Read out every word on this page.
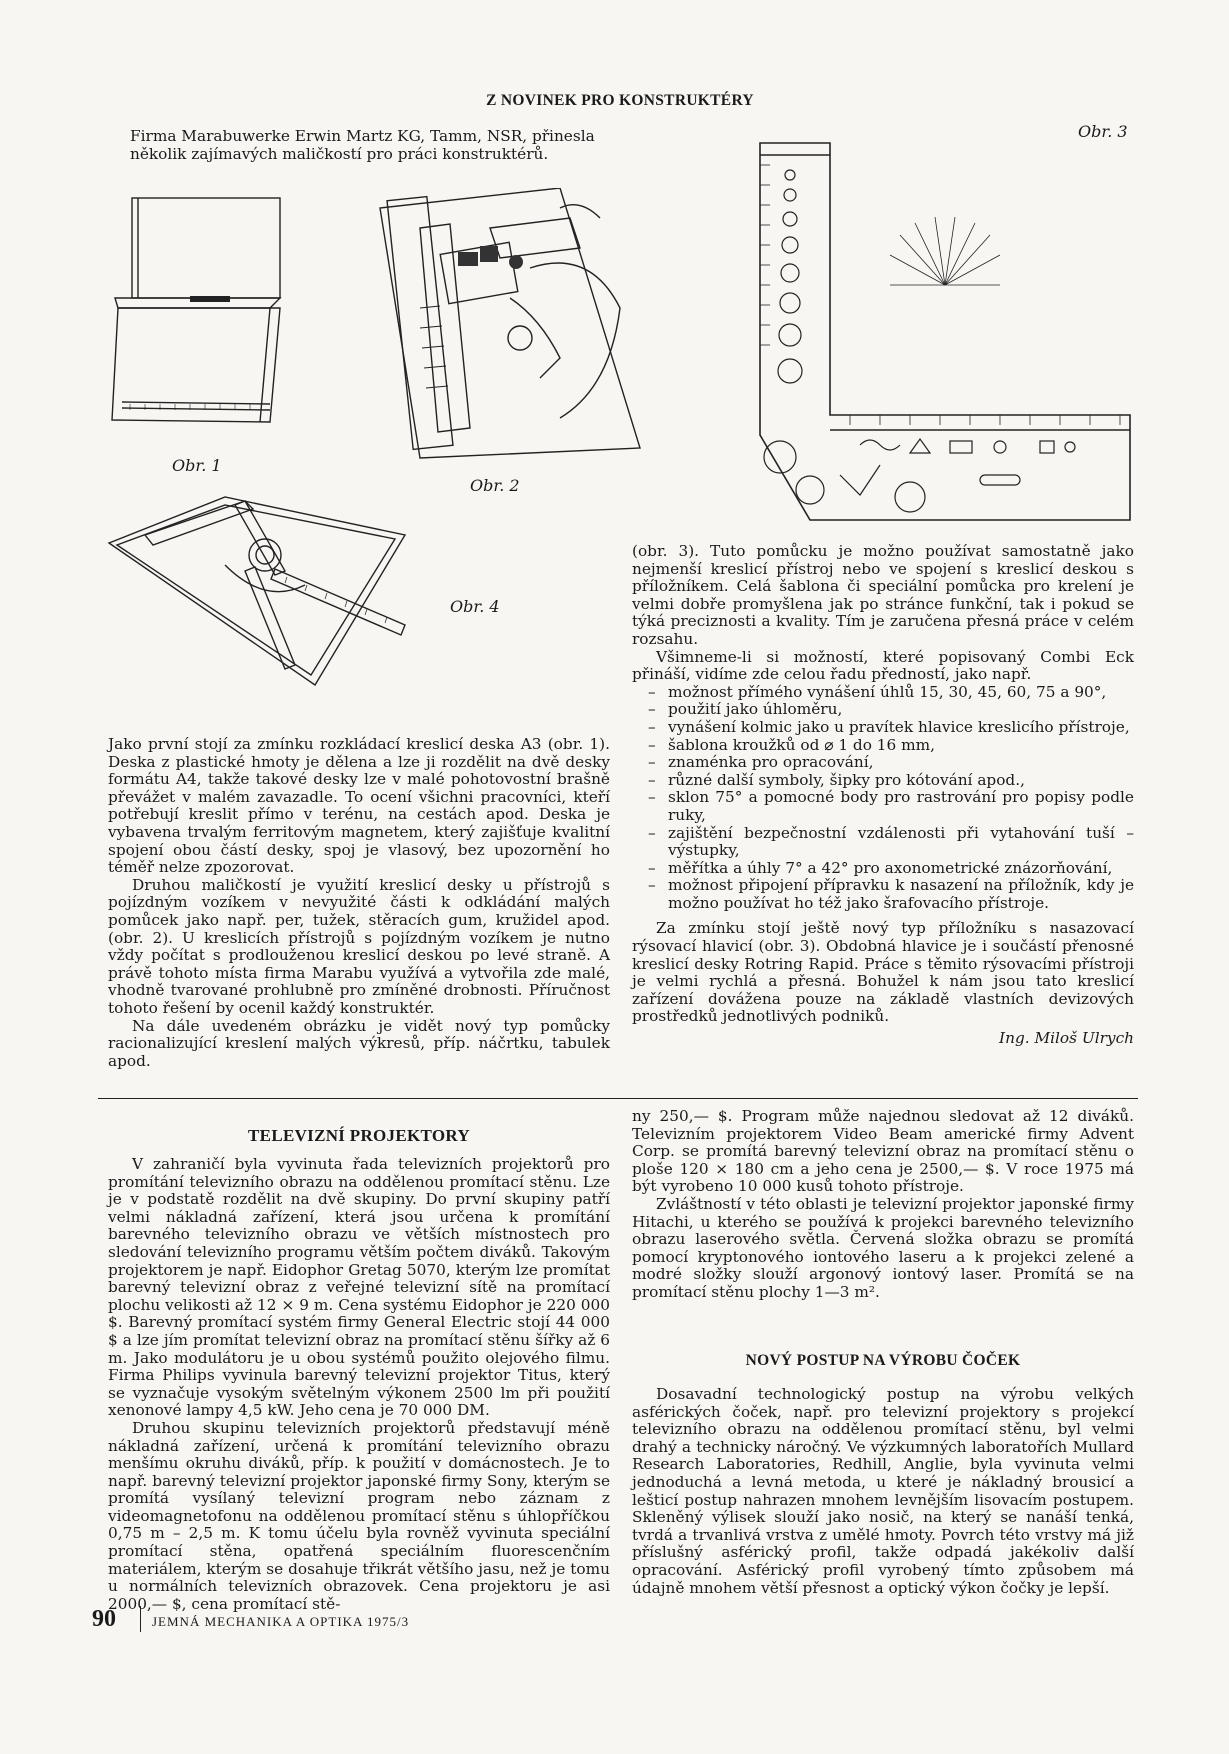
Z NOVINEK PRO KONSTRUKTÉRY
Firma Marabuwerke Erwin Martz KG, Tamm, NSR, přinesla několik zajímavých maličkostí pro práci konstruktérů.
Obr. 1
Obr. 2
Obr. 3
Obr. 4

Jako první stojí za zmínku rozkládací kreslicí deska A3 (obr. 1). Deska z plastické hmoty je dělena a lze ji rozdělit na dvě desky formátu A4, takže takové desky lze v malé pohotovostní brašně převážet v malém zavazadle. To ocení všichni pracovníci, kteří potřebují kreslit přímo v terénu, na cestách apod. Deska je vybavena trvalým ferritovým magnetem, který zajišťuje kvalitní spojení obou částí desky, spoj je vlasový, bez upozornění ho téměř nelze zpozorovat.

Druhou maličkostí je využití kreslicí desky u přístrojů s pojízdným vozíkem v nevyužité části k odkládání malých pomůcek jako např. per, tužek, stěracích gum, kružidel apod. (obr. 2). U kreslicích přístrojů s pojízdným vozíkem je nutno vždy počítat s prodlouženou kreslicí deskou po levé straně. A právě tohoto místa firma Marabu využívá a vytvořila zde malé, vhodně tvarované prohlubně pro zmíněné drobnosti. Příručnost tohoto řešení by ocenil každý konstruktér.

Na dále uvedeném obrázku je vidět nový typ pomůcky racionalizující kreslení malých výkresů, příp. náčrtku, tabulek apod.

(obr. 3). Tuto pomůcku je možno používat samostatně jako nejmenší kreslicí přístroj nebo ve spojení s kreslicí deskou s příložníkem. Celá šablona či speciální pomůcka pro krelení je velmi dobře promyšlena jak po stránce funkční, tak i pokud se týká preciznosti a kvality. Tím je zaručena přesná práce v celém rozsahu.

Všimneme-li si možností, které popisovaný Combi Eck přináší, vidíme zde celou řadu předností, jako např.

– možnost přímého vynášení úhlů 15, 30, 45, 60, 75 a 90°,
– použití jako úhloměru,
– vynášení kolmic jako u pravítek hlavice kreslicího přístroje,
– šablona kroužků od ⌀ 1 do 16 mm,
– znaménka pro opracování,
– různé další symboly, šipky pro kótování apod.,
– sklon 75° a pomocné body pro rastrování pro popisy podle ruky,
– zajištění bezpečnostní vzdálenosti při vytahování tuší – výstupky,
– měřítka a úhly 7° a 42° pro axonometrické znázorňování,
– možnost připojení přípravku k nasazení na příložník, kdy je možno používat ho též jako šrafovacího přístroje.

Za zmínku stojí ještě nový typ příložníku s nasazovací rýsovací hlavicí (obr. 3). Obdobná hlavice je i součástí přenosné kreslicí desky Rotring Rapid. Práce s těmito rýsovacími přístroji je velmi rychlá a přesná. Bohužel k nám jsou tato kreslicí zařízení dovážena pouze na základě vlastních devizových prostředků jednotlivých podniků.

Ing. Miloš Ulrych
TELEVIZNÍ PROJEKTORY

V zahraničí byla vyvinuta řada televizních projektorů pro promítání televizního obrazu na oddělenou promítací stěnu. Lze je v podstatě rozdělit na dvě skupiny. Do první skupiny patří velmi nákladná zařízení, která jsou určena k promítání barevného televizního obrazu ve větších místnostech pro sledování televizního programu větším počtem diváků. Takovým projektorem je např. Eidophor Gretag 5070, kterým lze promítat barevný televizní obraz z veřejné televizní sítě na promítací plochu velikosti až 12 × 9 m. Cena systému Eidophor je 220 000 $. Barevný promítací systém firmy General Electric stojí 44 000 $ a lze jím promítat televizní obraz na promítací stěnu šířky až 6 m. Jako modulátoru je u obou systémů použito olejového filmu. Firma Philips vyvinula barevný televizní projektor Titus, který se vyznačuje vysokým světelným výkonem 2500 lm při použití xenonové lampy 4,5 kW. Jeho cena je 70 000 DM.

Druhou skupinu televizních projektorů představují méně nákladná zařízení, určená k promítání televizního obrazu menšímu okruhu diváků, příp. k použití v domácnostech. Je to např. barevný televizní projektor japonské firmy Sony, kterým se promítá vysílaný televizní program nebo záznam z videomagnetofonu na oddělenou promítací stěnu s úhlopříčkou 0,75 m – 2,5 m. K tomu účelu byla rovněž vyvinuta speciální promítací stěna, opatřená speciálním fluorescenčním materiálem, kterým se dosahuje třikrát většího jasu, než je tomu u normálních televizních obrazovek. Cena projektoru je asi 2000,— $, cena promítací stě-

ny 250,— $. Program může najednou sledovat až 12 diváků. Televizním projektorem Video Beam americké firmy Advent Corp. se promítá barevný televizní obraz na promítací stěnu o ploše 120 × 180 cm a jeho cena je 2500,— $. V roce 1975 má být vyrobeno 10 000 kusů tohoto přístroje.

Zvláštností v této oblasti je televizní projektor japonské firmy Hitachi, u kterého se používá k projekci barevného televizního obrazu laserového světla. Červená složka obrazu se promítá pomocí kryptonového iontového laseru a k projekci zelené a modré složky slouží argonový iontový laser. Promítá se na promítací stěnu plochy 1—3 m².

NOVÝ POSTUP NA VÝROBU ČOČEK

Dosavadní technologický postup na výrobu velkých asférických čoček, např. pro televizní projektory s projekcí televizního obrazu na oddělenou promítací stěnu, byl velmi drahý a technicky náročný. Ve výzkumných laboratořích Mullard Research Laboratories, Redhill, Anglie, byla vyvinuta velmi jednoduchá a levná metoda, u které je nákladný brousicí a lešticí postup nahrazen mnohem levnějším lisovacím postupem. Skleněný výlisek slouží jako nosič, na který se nanáší tenká, tvrdá a trvanlivá vrstva z umělé hmoty. Povrch této vrstvy má již příslušný asférický profil, takže odpadá jakékoliv další opracování. Asférický profil vyrobený tímto způsobem má údajně mnohem větší přesnost a optický výkon čočky je lepší.

90	JEMNÁ MECHANIKA A OPTIKA 1975/3
